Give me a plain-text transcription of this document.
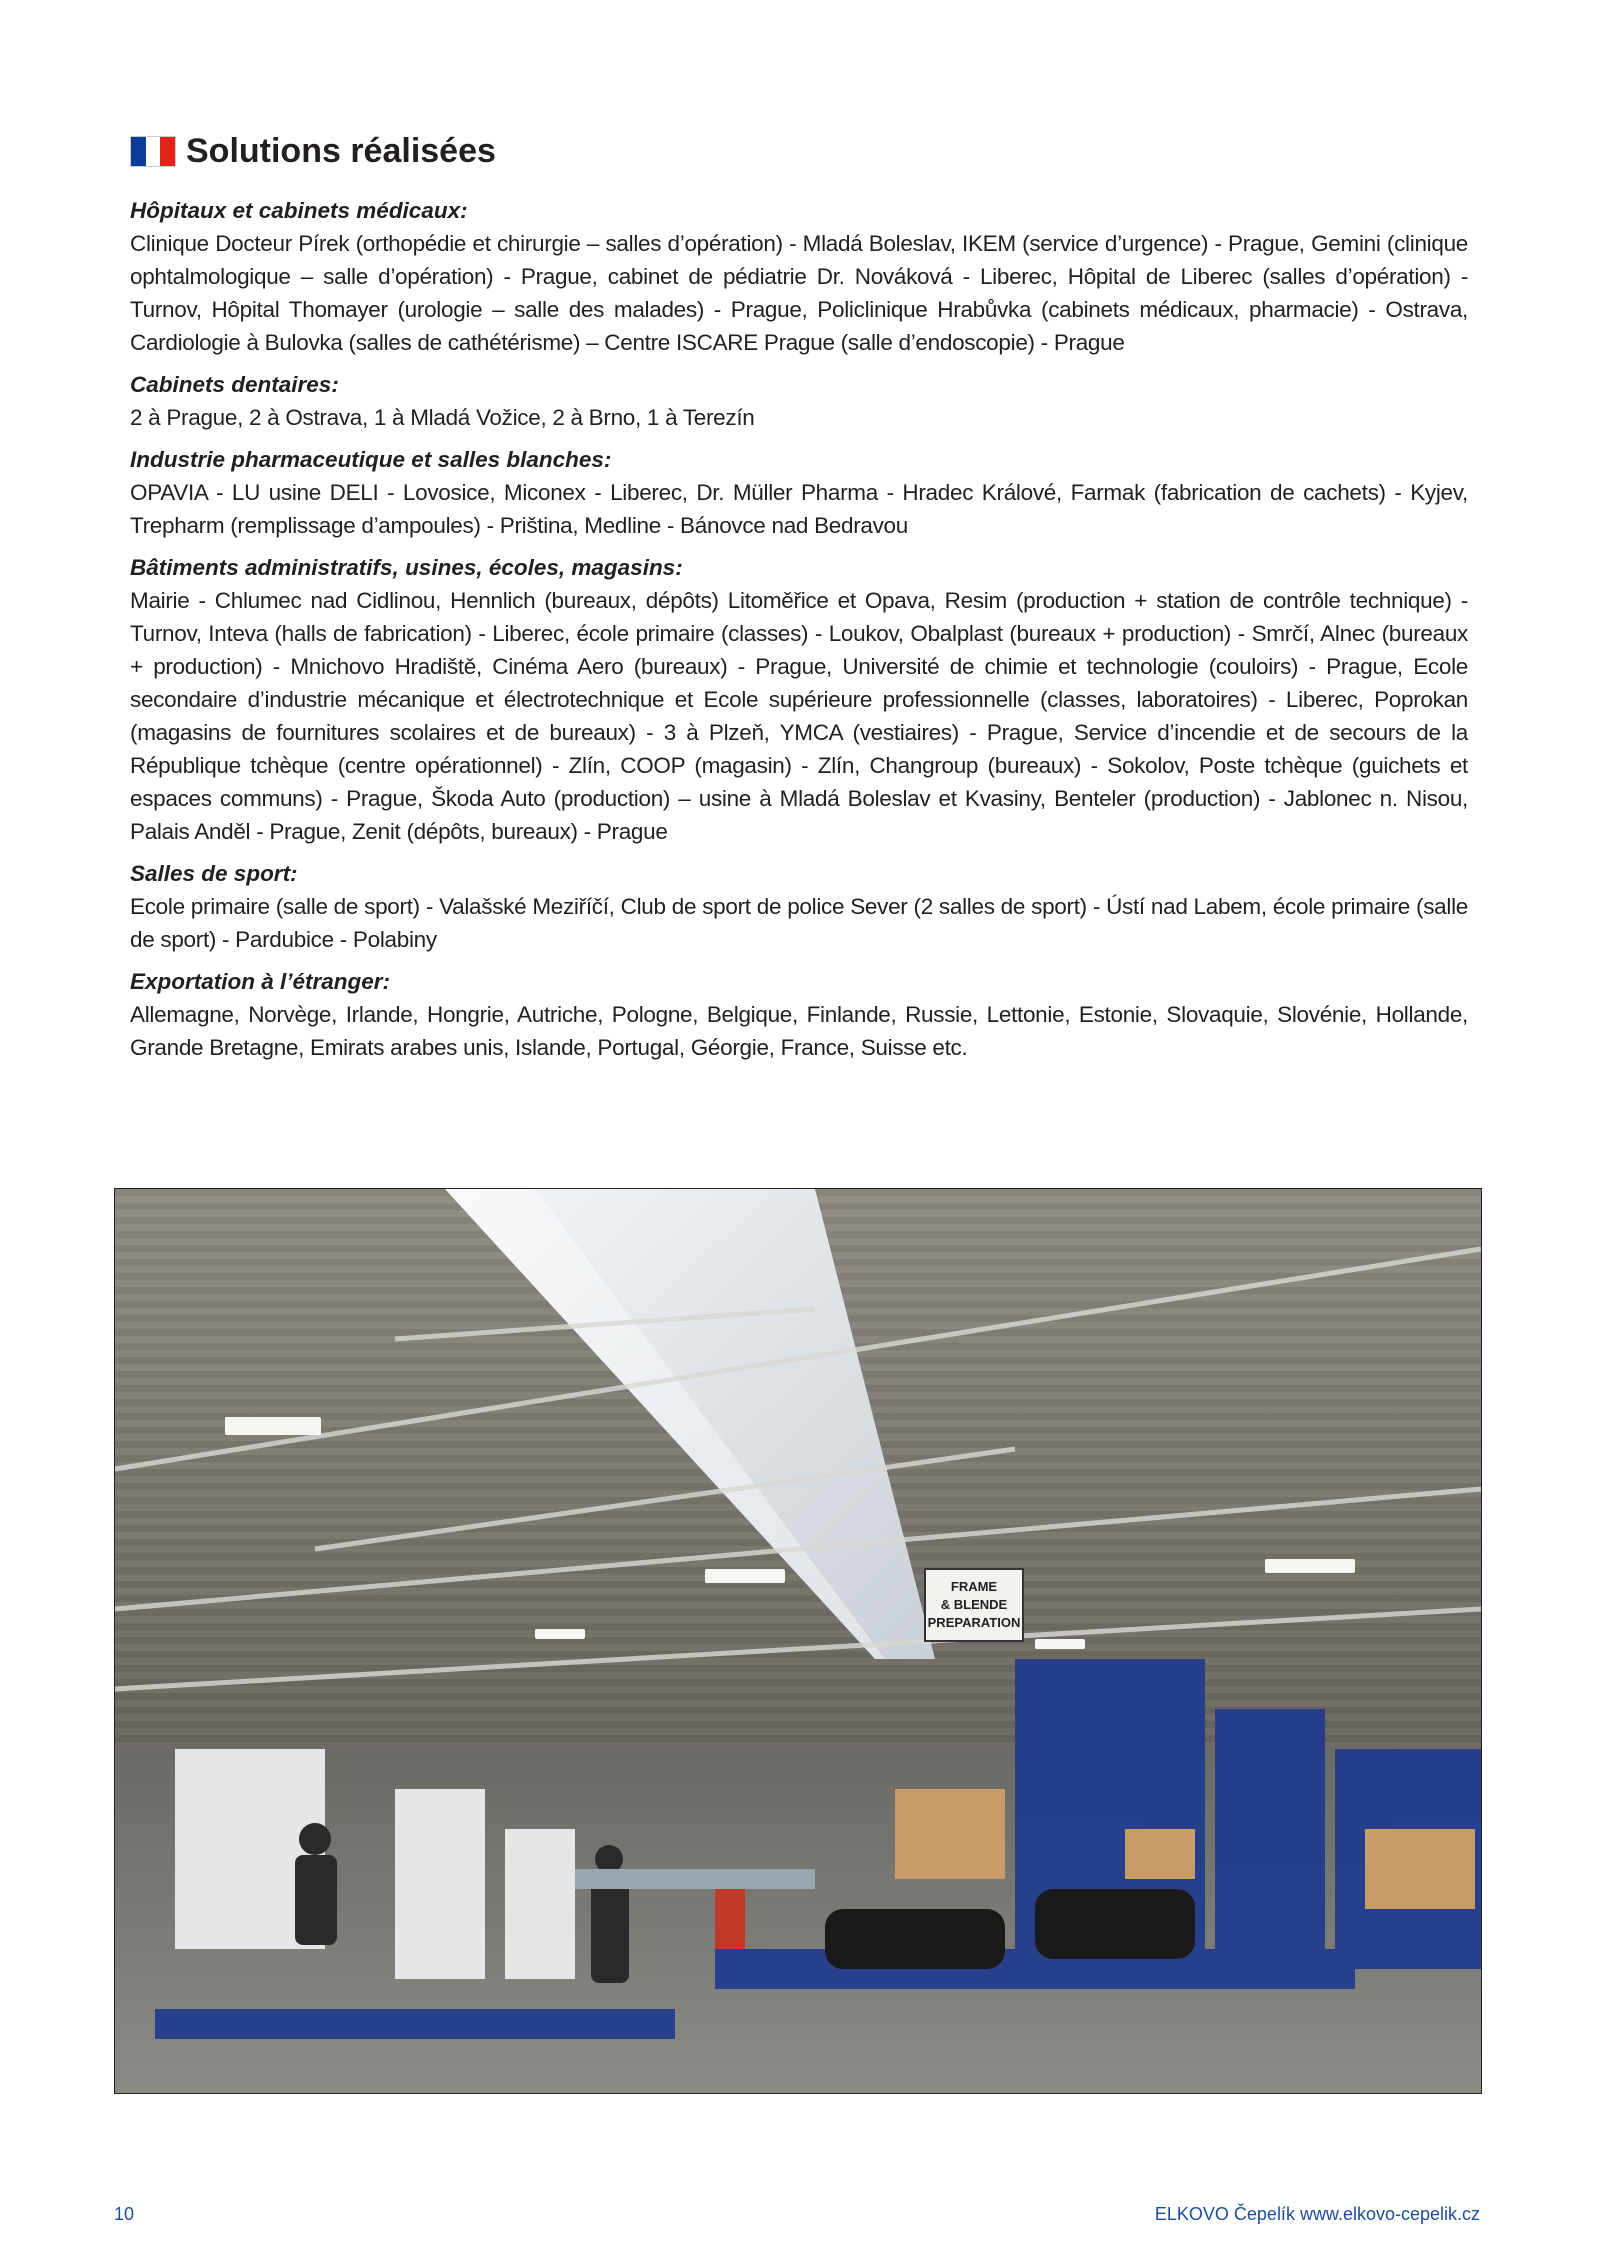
Solutions réalisées
Hôpitaux et cabinets médicaux:

Clinique Docteur Pírek (orthopédie et chirurgie – salles d’opération) - Mladá Boleslav, IKEM (service d’urgence) - Prague, Gemini (clinique ophtalmologique – salle d’opération) - Prague, cabinet de pédiatrie Dr. Nováková - Liberec, Hôpital de Liberec (salles d’opération) - Turnov, Hôpital Thomayer (urologie – salle des malades) - Prague, Policlinique Hrabůvka (cabinets médicaux, pharmacie) - Ostrava, Cardiologie à Bulovka (salles de cathétérisme) – Centre ISCARE Prague (salle d’endoscopie) - Prague

Cabinets dentaires:

2 à Prague, 2 à Ostrava, 1 à Mladá Vožice, 2 à Brno, 1 à Terezín

Industrie pharmaceutique et salles blanches:

OPAVIA - LU usine DELI - Lovosice, Miconex - Liberec, Dr. Müller Pharma - Hradec Králové, Farmak (fabrication de cachets) - Kyjev, Trepharm (remplissage d’ampoules) - Priština, Medline - Bánovce nad Bedravou

Bâtiments administratifs, usines, écoles, magasins:

Mairie - Chlumec nad Cidlinou, Hennlich (bureaux, dépôts) Litoměřice et Opava, Resim (production + station de contrôle technique) - Turnov, Inteva (halls de fabrication) - Liberec, école primaire (classes) - Loukov, Obalplast (bureaux + production) - Smrčí, Alnec (bureaux + production) - Mnichovo Hradiště, Cinéma Aero (bureaux) - Prague, Université de chimie et technologie (couloirs) - Prague, Ecole secondaire d’industrie mécanique et électrotechnique et Ecole supérieure professionnelle (classes, laboratoires) - Liberec, Poprokan (magasins de fournitures scolaires et de bureaux) - 3 à Plzeň, YMCA (vestiaires) - Prague, Service d’incendie et de secours de la République tchèque (centre opérationnel) - Zlín, COOP (magasin) - Zlín, Changroup (bureaux) - Sokolov, Poste tchèque (guichets et espaces communs) - Prague, Škoda Auto (production) – usine à Mladá Boleslav et Kvasiny, Benteler (production) - Jablonec n. Nisou, Palais Anděl - Prague, Zenit (dépôts, bureaux) - Prague

Salles de sport:

Ecole primaire (salle de sport) - Valašské Meziříčí, Club de sport de police Sever (2 salles de sport) - Ústí nad Labem, école primaire (salle de sport) - Pardubice - Polabiny

Exportation à l’étranger:

Allemagne, Norvège, Irlande, Hongrie, Autriche, Pologne, Belgique, Finlande, Russie, Lettonie, Estonie, Slovaquie, Slovénie, Hollande, Grande Bretagne, Emirats arabes unis, Islande, Portugal, Géorgie, France, Suisse etc.

FRAME
& BLENDE
PREPARATION
10	ELKOVO Čepelík www.elkovo-cepelik.cz
